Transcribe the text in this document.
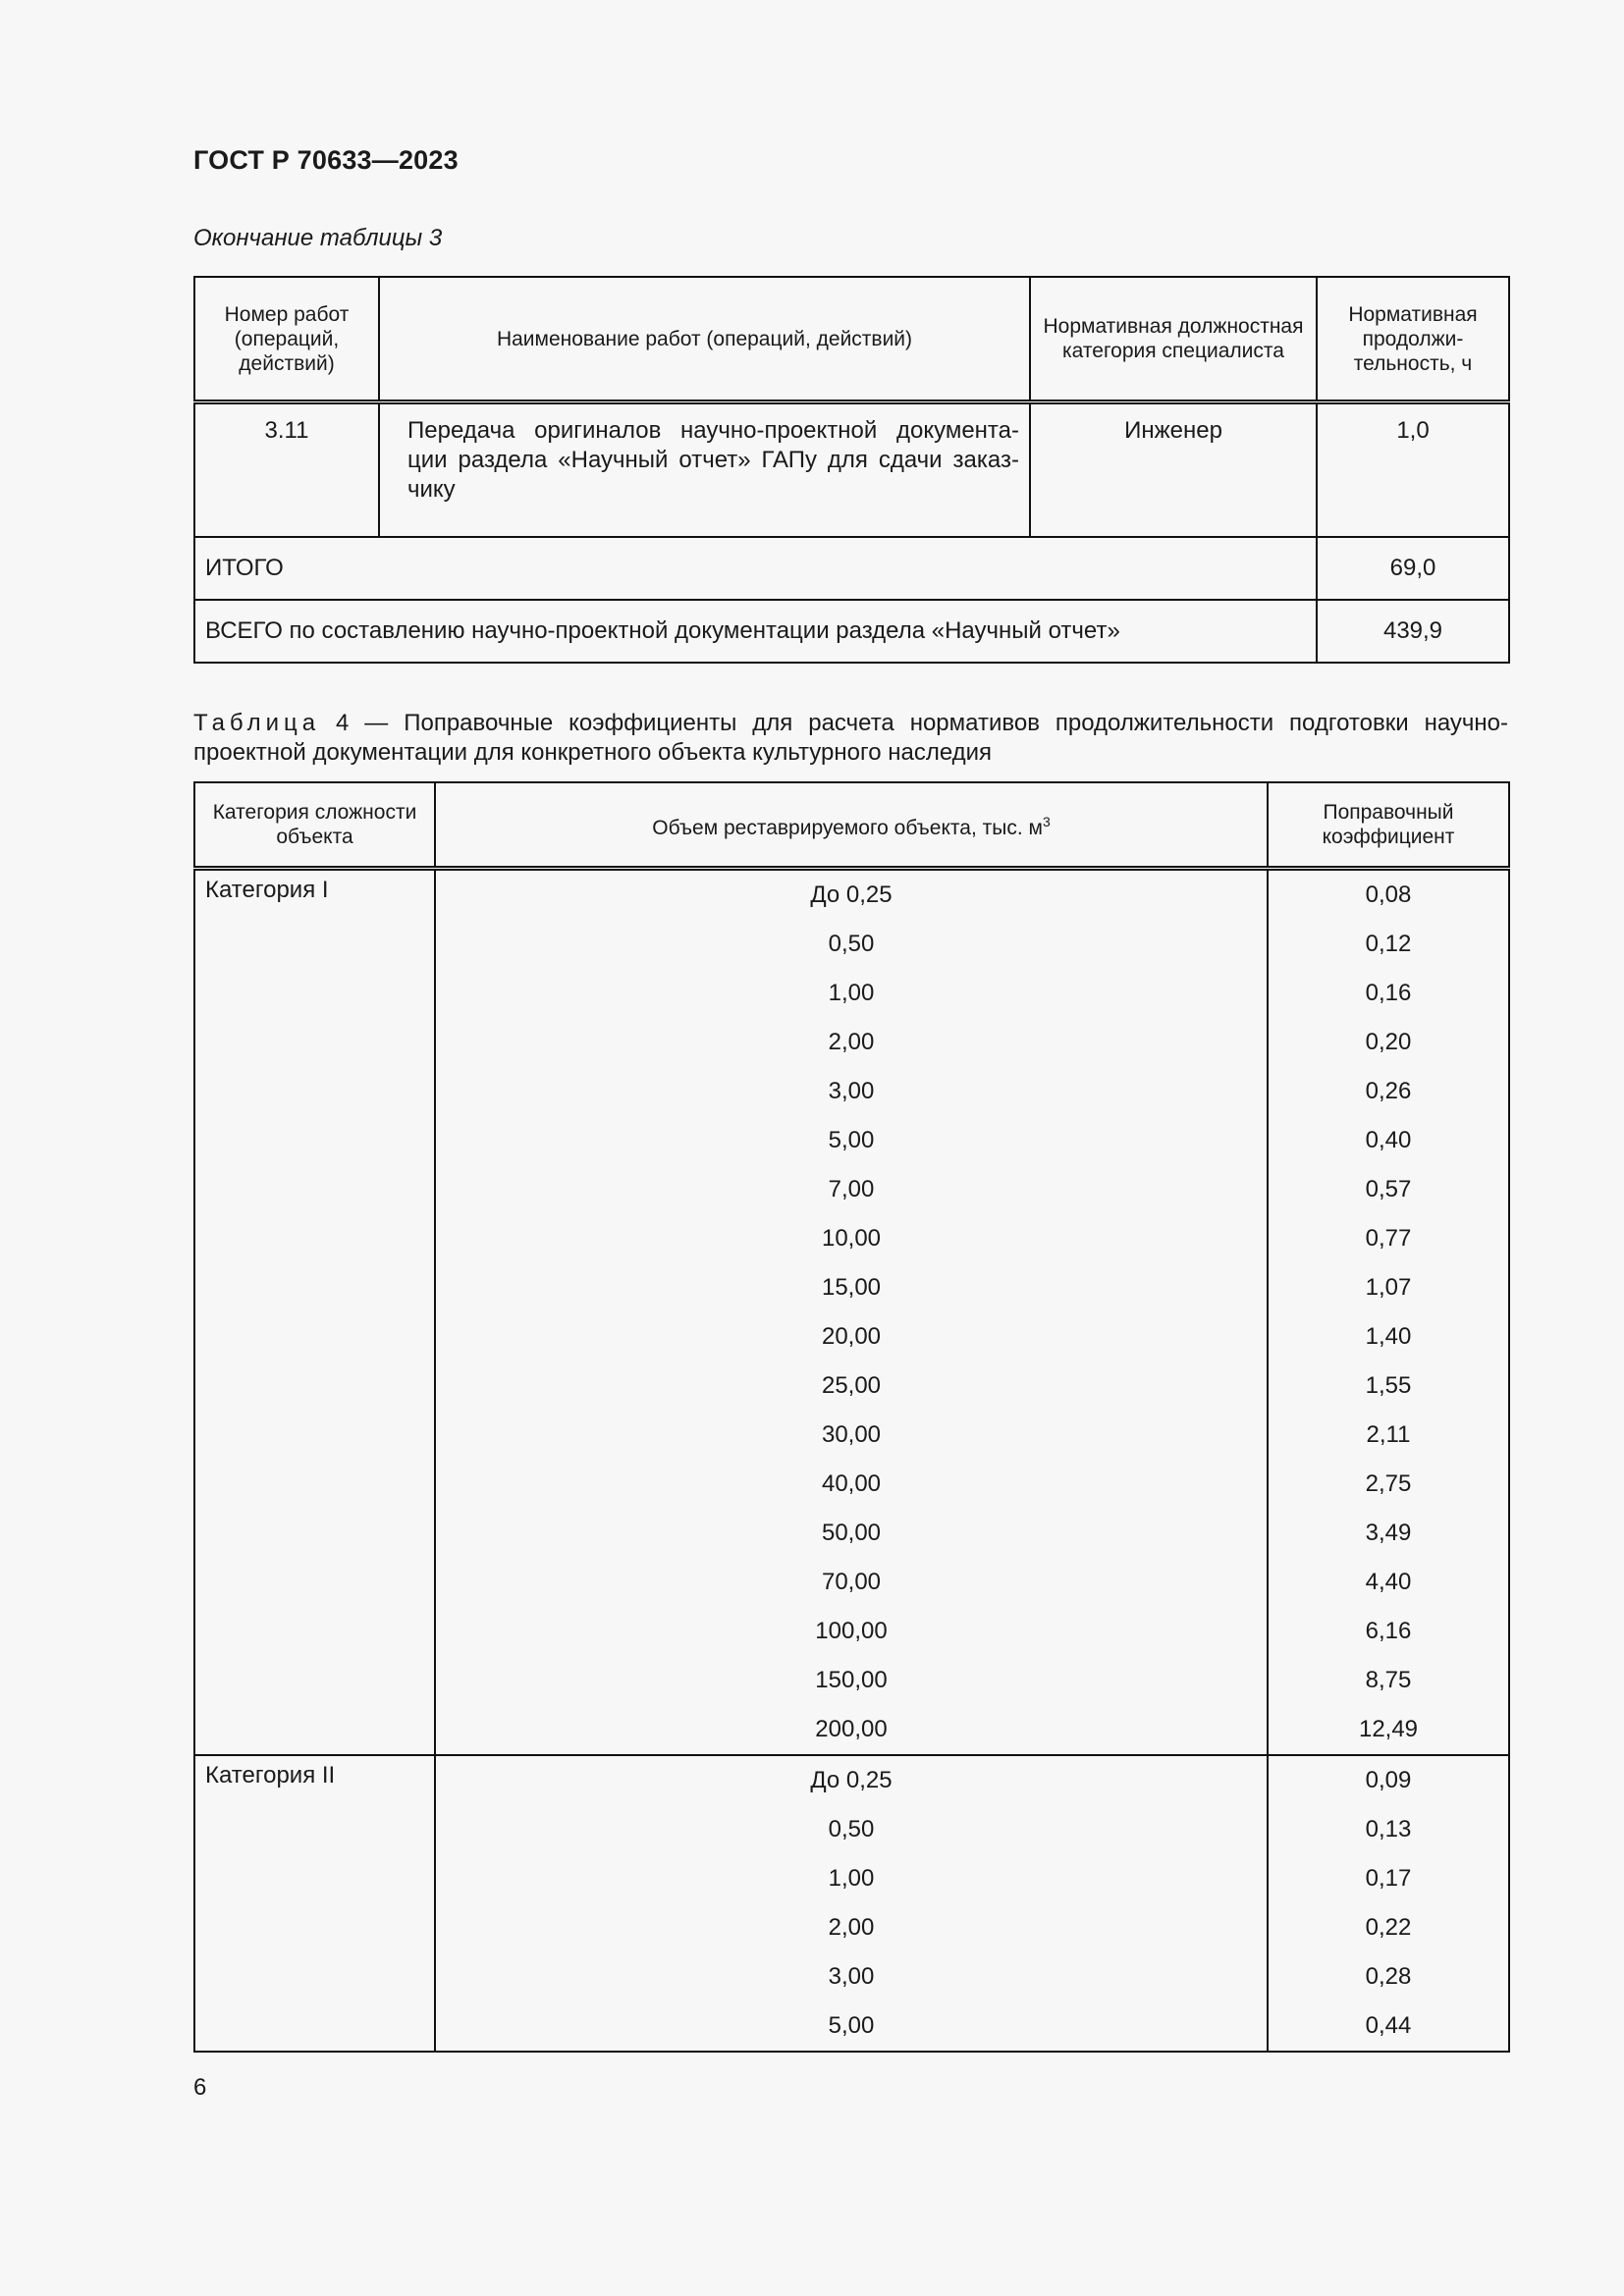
ГОСТ Р 70633—2023
Окончание таблицы 3
Номер работ (операций, действий)	Наименование работ (операций, действий)	Нормативная должностная категория специалиста	Нормативная продолжи-тельность, ч
3.11	Передача оригиналов научно-проектной документа-ции раздела «Научный отчет» ГАПу для сдачи заказ-чику	Инженер	1,0
ИТОГО			69,0
ВСЕГО по составлению научно-проектной документации раздела «Научный отчет»			439,9
Таблица 4 — Поправочные коэффициенты для расчета нормативов продолжительности подготовки научно-проектной документации для конкретного объекта культурного наследия
Категория сложности объекта	Объем реставрируемого объекта, тыс. $м^3$	Поправочный коэффициент
Категория I	До 0,25	0,08
	0,50	0,12
	1,00	0,16
	2,00	0,20
	3,00	0,26
	5,00	0,40
	7,00	0,57
	10,00	0,77
	15,00	1,07
	20,00	1,40
	25,00	1,55
	30,00	2,11
	40,00	2,75
	50,00	3,49
	70,00	4,40
	100,00	6,16
	150,00	8,75
	200,00	12,49
Категория II	До 0,25	0,09
	0,50	0,13
	1,00	0,17
	2,00	0,22
	3,00	0,28
	5,00	0,44
6
